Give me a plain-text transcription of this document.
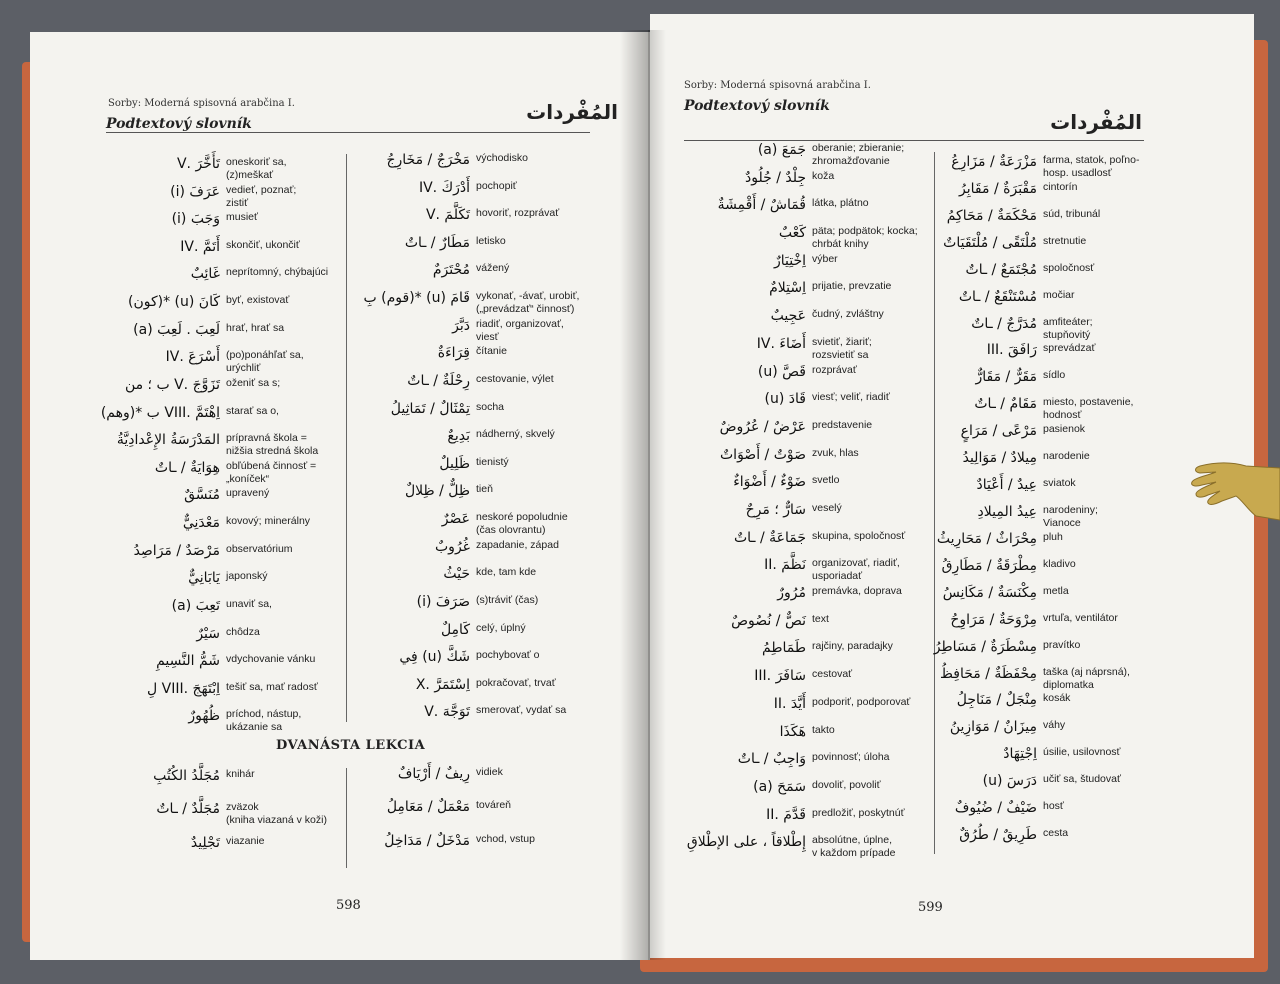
Sorby: Moderná spisovná arabčina I.
Podtextový slovník	المُفْردات
تَأَخَّرَ .V oneskoriť sa,
(z)meškať
عَرَفَ (i) vedieť, poznať;
zistiť
وَجَبَ (i) musieť
أَتَمَّ .IV skončiť, ukončiť
غَائِبٌ neprítomný, chýbajúci
كَانَ (u) *(كون) byť, existovať
لَعِبَ . لَعِبَ (a) hrať, hrať sa
أَسْرَعَ .IV (po)ponáhľať sa,
urýchliť
تَزَوَّجَ .V ب ؛ من oženiť sa s;
اِهْتَمَّ .VIII ب *(وهم) starať sa o,
المَدْرَسَةُ الإِعْدادِيَّةُ prípravná škola =
nižšia stredná škola
هِوَايَةٌ / ـاتٌ obľúbená činnosť =
„koníček“
مُنَسَّقٌ upravený
مَعْدَنِيٌّ kovový; minerálny
مَرْصَدٌ / مَرَاصِدُ observatórium
يَابَانِيٌّ japonský
تَعِبَ (a) unaviť sa,
سَيْرٌ chôdza
شَمُّ النَّسِيمِ vdychovanie vánku
اِبْتَهَجَ .VIII لِ tešiť sa, mať radosť
ظُهُورٌ príchod, nástup,
ukázanie sa
مَخْرَجٌ / مَخَارِجُ východisko
أَدْرَكَ .IV pochopiť
تَكَلَّمَ .V hovoriť, rozprávať
مَطَارٌ / ـاتٌ letisko
مُحْتَرَمٌ vážený
قَامَ (u) *(قوم) بِ vykonať, -ávať, urobiť,
(„prevádzať“ činnosť)
دَبَّرَ riadiť, organizovať,
viesť
قِرَاءَةٌ čítanie
رِحْلَةٌ / ـاتٌ cestovanie, výlet
تِمْثَالٌ / تَمَاثِيلُ socha
بَدِيعٌ nádherný, skvelý
ظَلِيلٌ tienistý
ظِلٌّ / ظِلالٌ tieň
عَصْرٌ neskoré popoludnie
(čas olovrantu)
غُرُوبٌ zapadanie, západ
حَيْثُ kde, tam kde
صَرَفَ (i) (s)tráviť (čas)
كَامِلٌ celý, úplný
شَكَّ (u) فِي pochybovať o
اِسْتَمَرَّ .X pokračovať, trvať
تَوَجَّهَ .V smerovať, vydať sa
DVANÁSTA LEKCIA
مُجَلَّدُ الكُتُبِ knihár
مُجَلَّدٌ / ـاتٌ zväzok
(kniha viazaná v koži)
تَجْلِيدٌ viazanie
رِيفٌ / أَرْيَافٌ vidiek
مَعْمَلٌ / مَعَامِلُ továreň
مَدْخَلٌ / مَدَاخِلُ vchod, vstup
598
Sorby: Moderná spisovná arabčina I.
Podtextový slovník
المُفْردات
جَمَعَ (a) oberanie; zbieranie;
zhromažďovanie
جِلْدٌ / جُلُودٌ koža
قُمَاشٌ / أَقْمِشَةٌ látka, plátno
كَعْبٌ päta; podpätok; kocka;
chrbát knihy
اِخْتِيَارٌ výber
اِسْتِلامٌ prijatie, prevzatie
عَجِيبٌ čudný, zvláštny
أَضَاءَ .IV svietiť, žiariť;
rozsvietiť sa
قَصَّ (u) rozprávať
قَادَ (u) viesť; veliť, riadiť
عَرْضٌ / عُرُوضٌ predstavenie
صَوْتٌ / أَصْوَاتٌ zvuk, hlas
ضَوْءٌ / أَضْوَاءٌ svetlo
سَارٌّ ؛ مَرِحٌ veselý
جَمَاعَةٌ / ـاتٌ skupina, spoločnosť
نَظَّمَ .II organizovať, riadiť,
usporiadať
مُرُورٌ premávka, doprava
نَصٌّ / نُصُوصٌ text
طَمَاطِمُ rajčiny, paradajky
سَافَرَ .III cestovať
أَيَّدَ .II podporiť, podporovať
هَكَذَا takto
وَاجِبٌ / ـاتٌ povinnosť; úloha
سَمَحَ (a) dovoliť, povoliť
قَدَّمَ .II predložiť, poskytnúť
إِطْلاقاً ، على الإطْلاقِ absolútne, úplne,
v každom prípade
مَزْرَعَةٌ / مَزَارِعُ farma, statok, poľno-
hosp. usadlosť
مَقْبَرَةٌ / مَقَابِرُ cintorín
مَحْكَمَةٌ / مَحَاكِمُ súd, tribunál
مُلْتَقًى / مُلْتَقَيَاتٌ stretnutie
مُجْتَمَعٌ / ـاتٌ spoločnosť
مُسْتَنْقَعٌ / ـاتٌ močiar
مُدَرَّجٌ / ـاتٌ amfiteáter;
stupňovitý
رَافَقَ .III sprevádzať
مَقَرٌّ / مَقَارٌّ sídlo
مَقَامٌ / ـاتٌ miesto, postavenie,
hodnosť
مَرْعًى / مَرَاعٍ pasienok
مِيلادٌ / مَوَالِيدُ narodenie
عِيدٌ / أَعْيَادٌ sviatok
عِيدُ المِيلادِ narodeniny;
Vianoce
مِحْرَاثٌ / مَحَارِيثُ pluh
مِطْرَقَةٌ / مَطَارِقُ kladivo
مِكْنَسَةٌ / مَكَانِسُ metla
مِرْوَحَةٌ / مَرَاوِحُ vrtuľa, ventilátor
مِسْطَرَةٌ / مَسَاطِرُ pravítko
مِحْفَظَةٌ / مَحَافِظُ taška (aj náprsná),
diplomatka
مِنْجَلٌ / مَنَاجِلُ kosák
مِيزَانٌ / مَوَازِينُ váhy
اِجْتِهَادٌ úsilie, usilovnosť
دَرَسَ (u) učiť sa, študovať
ضَيْفٌ / ضُيُوفٌ hosť
طَرِيقٌ / طُرُقٌ cesta
599
